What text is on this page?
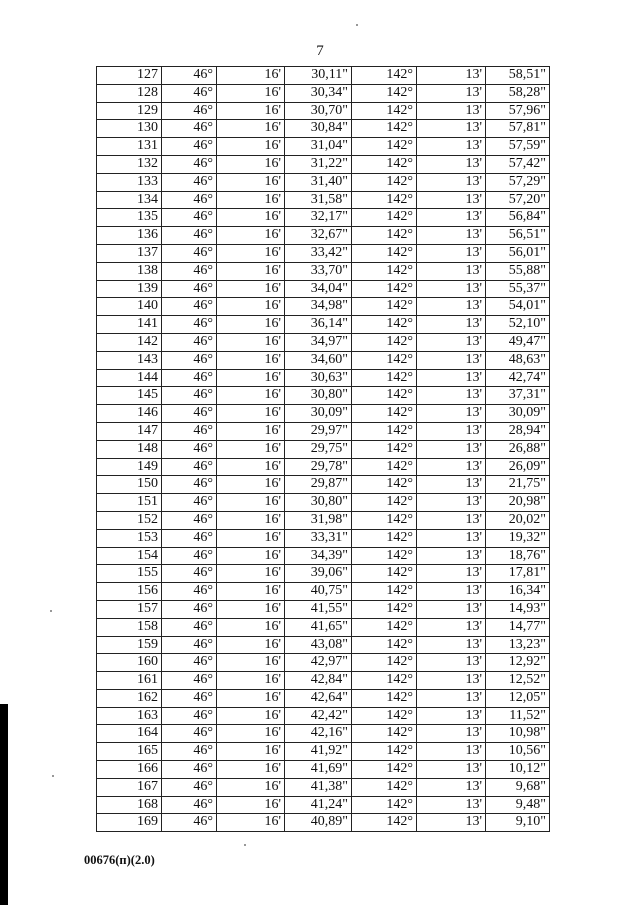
7
127	46°	16'	30,11"	142°	13'	58,51"
128	46°	16'	30,34"	142°	13'	58,28"
129	46°	16'	30,70"	142°	13'	57,96"
130	46°	16'	30,84"	142°	13'	57,81"
131	46°	16'	31,04"	142°	13'	57,59"
132	46°	16'	31,22"	142°	13'	57,42"
133	46°	16'	31,40"	142°	13'	57,29"
134	46°	16'	31,58"	142°	13'	57,20"
135	46°	16'	32,17"	142°	13'	56,84"
136	46°	16'	32,67"	142°	13'	56,51"
137	46°	16'	33,42"	142°	13'	56,01"
138	46°	16'	33,70"	142°	13'	55,88"
139	46°	16'	34,04"	142°	13'	55,37"
140	46°	16'	34,98"	142°	13'	54,01"
141	46°	16'	36,14"	142°	13'	52,10"
142	46°	16'	34,97"	142°	13'	49,47"
143	46°	16'	34,60"	142°	13'	48,63"
144	46°	16'	30,63"	142°	13'	42,74"
145	46°	16'	30,80"	142°	13'	37,31"
146	46°	16'	30,09"	142°	13'	30,09"
147	46°	16'	29,97"	142°	13'	28,94"
148	46°	16'	29,75"	142°	13'	26,88"
149	46°	16'	29,78"	142°	13'	26,09"
150	46°	16'	29,87"	142°	13'	21,75"
151	46°	16'	30,80"	142°	13'	20,98"
152	46°	16'	31,98"	142°	13'	20,02"
153	46°	16'	33,31"	142°	13'	19,32"
154	46°	16'	34,39"	142°	13'	18,76"
155	46°	16'	39,06"	142°	13'	17,81"
156	46°	16'	40,75"	142°	13'	16,34"
157	46°	16'	41,55"	142°	13'	14,93"
158	46°	16'	41,65"	142°	13'	14,77"
159	46°	16'	43,08"	142°	13'	13,23"
160	46°	16'	42,97"	142°	13'	12,92"
161	46°	16'	42,84"	142°	13'	12,52"
162	46°	16'	42,64"	142°	13'	12,05"
163	46°	16'	42,42"	142°	13'	11,52"
164	46°	16'	42,16"	142°	13'	10,98"
165	46°	16'	41,92"	142°	13'	10,56"
166	46°	16'	41,69"	142°	13'	10,12"
167	46°	16'	41,38"	142°	13'	9,68"
168	46°	16'	41,24"	142°	13'	9,48"
169	46°	16'	40,89"	142°	13'	9,10"
00676(п)(2.0)
